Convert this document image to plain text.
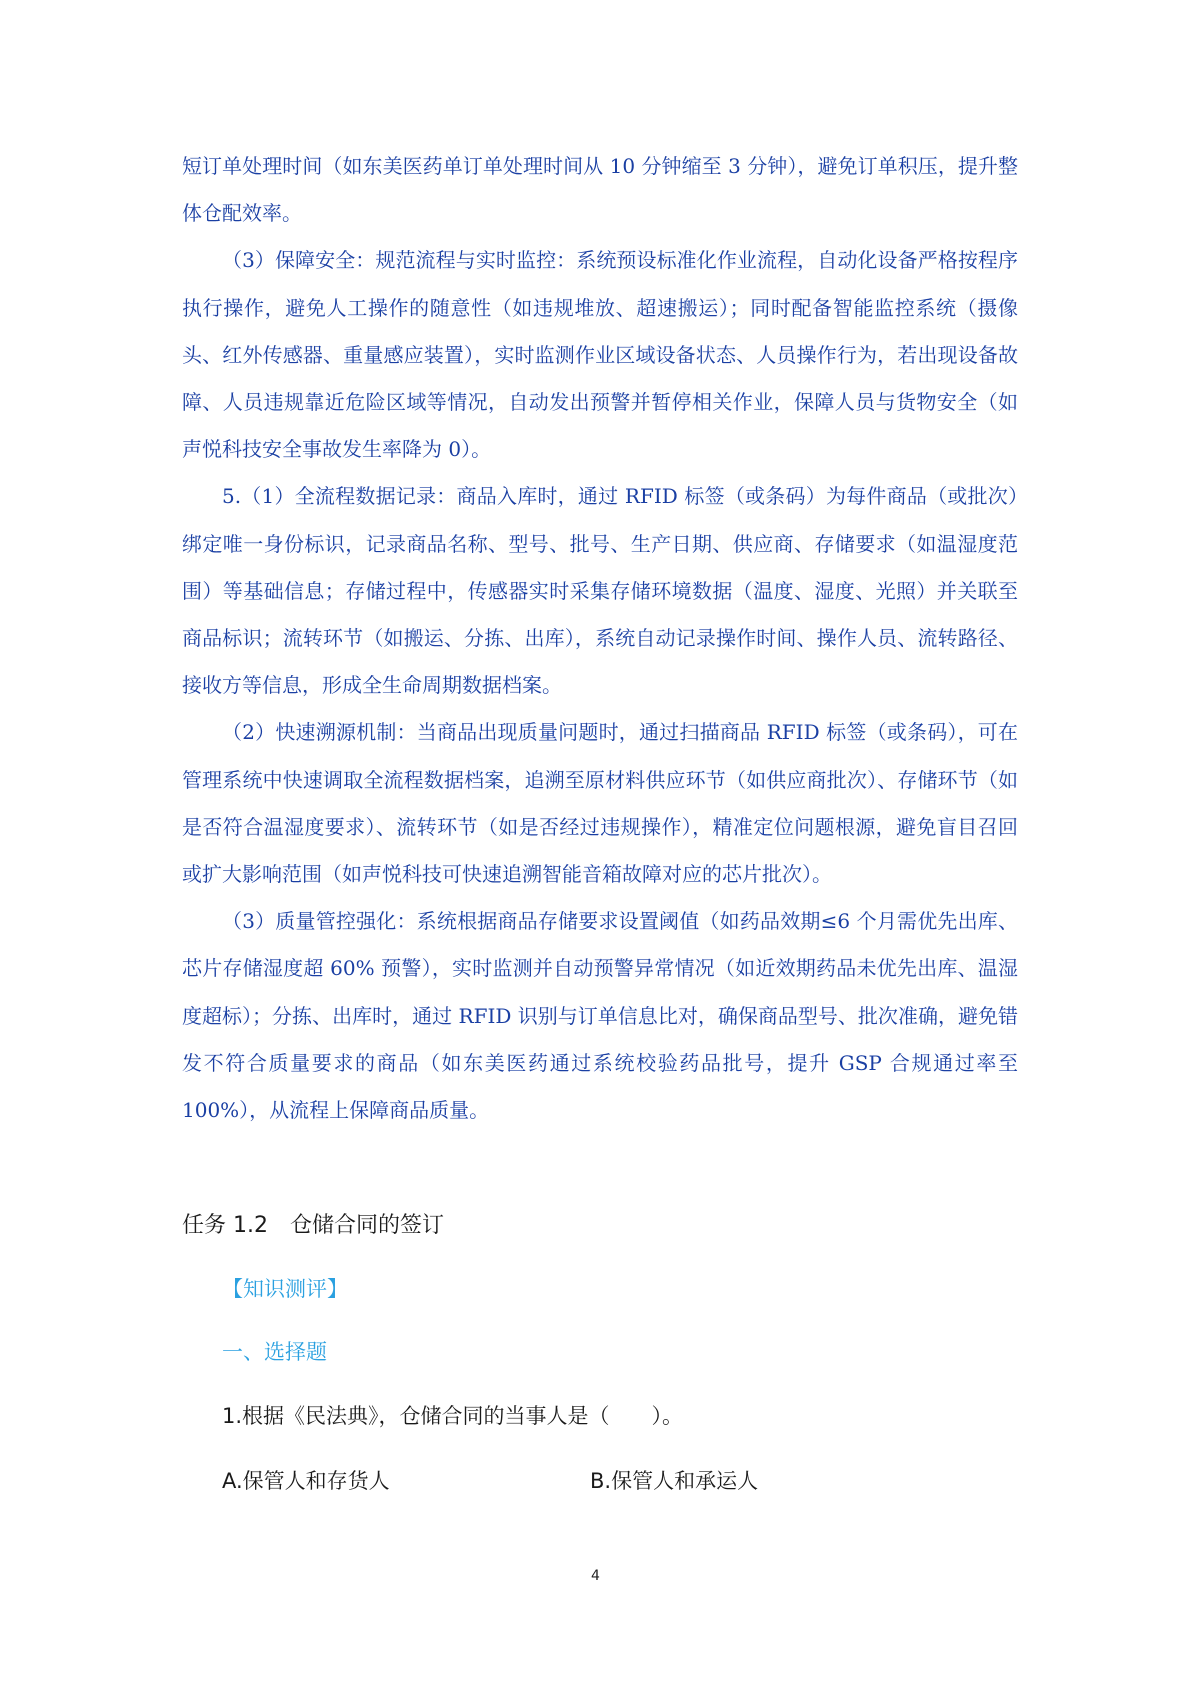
短订单处理时间（如东美医药单订单处理时间从 10 分钟缩至 3 分钟），避免订单积压，提升整体仓配效率。

（3）保障安全：规范流程与实时监控：系统预设标准化作业流程，自动化设备严格按程序执行操作，避免人工操作的随意性（如违规堆放、超速搬运）；同时配备智能监控系统（摄像头、红外传感器、重量感应装置），实时监测作业区域设备状态、人员操作行为，若出现设备故障、人员违规靠近危险区域等情况，自动发出预警并暂停相关作业，保障人员与货物安全（如声悦科技安全事故发生率降为 0）。

5.（1）全流程数据记录：商品入库时，通过 RFID 标签（或条码）为每件商品（或批次）绑定唯一身份标识，记录商品名称、型号、批号、生产日期、供应商、存储要求（如温湿度范围）等基础信息；存储过程中，传感器实时采集存储环境数据（温度、湿度、光照）并关联至商品标识；流转环节（如搬运、分拣、出库），系统自动记录操作时间、操作人员、流转路径、接收方等信息，形成全生命周期数据档案。

（2）快速溯源机制：当商品出现质量问题时，通过扫描商品 RFID 标签（或条码），可在管理系统中快速调取全流程数据档案，追溯至原材料供应环节（如供应商批次）、存储环节（如是否符合温湿度要求）、流转环节（如是否经过违规操作），精准定位问题根源，避免盲目召回或扩大影响范围（如声悦科技可快速追溯智能音箱故障对应的芯片批次）。

（3）质量管控强化：系统根据商品存储要求设置阈值（如药品效期≤6 个月需优先出库、芯片存储湿度超 60% 预警），实时监测并自动预警异常情况（如近效期药品未优先出库、温湿度超标）；分拣、出库时，通过 RFID 识别与订单信息比对，确保商品型号、批次准确，避免错发不符合质量要求的商品（如东美医药通过系统校验药品批号，提升 GSP 合规通过率至 100%），从流程上保障商品质量。

任务 1.2　仓储合同的签订
【知识测评】
一、选择题
1.根据《民法典》，仓储合同的当事人是（　　）。
A.保管人和存货人	B.保管人和承运人
4
